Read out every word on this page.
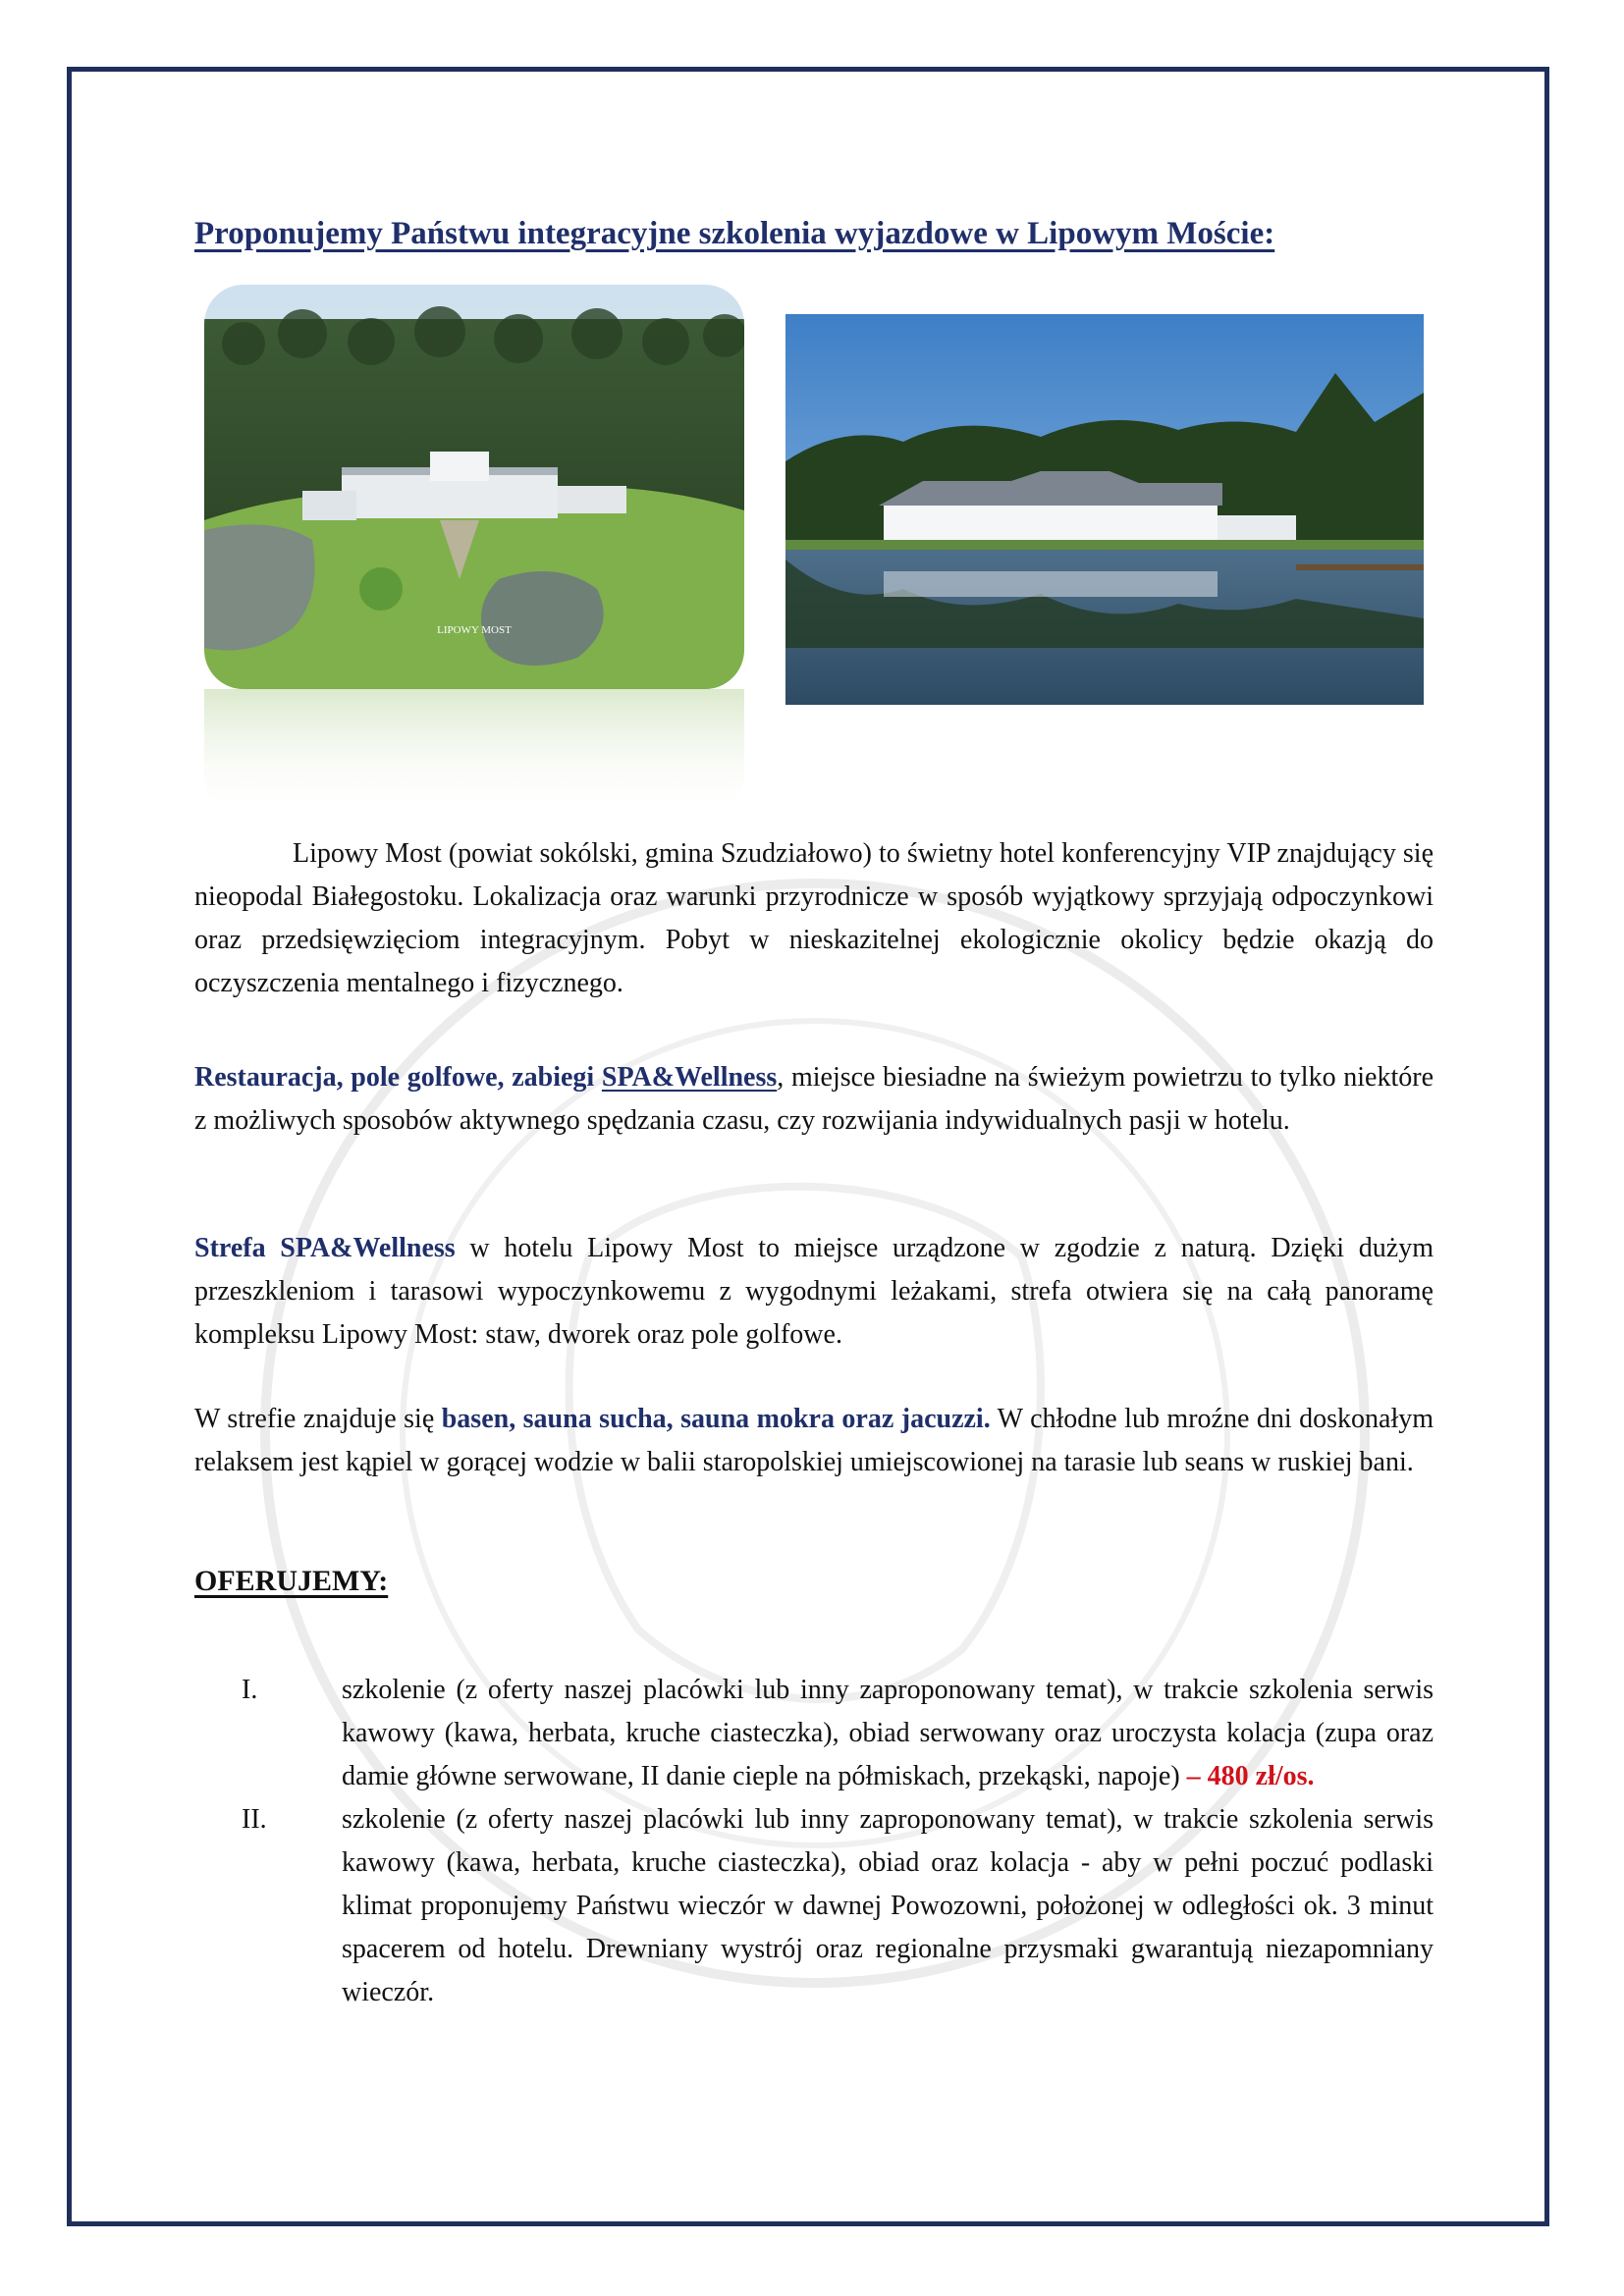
Proponujemy Państwu integracyjne szkolenia wyjazdowe w Lipowym Moście:
LIPOWY MOST
Lipowy Most (powiat sokólski, gmina Szudziałowo) to świetny hotel konferencyjny VIP znajdujący się nieopodal Białegostoku. Lokalizacja oraz warunki przyrodnicze w sposób wyjątkowy sprzyjają odpoczynkowi oraz przedsięwzięciom integracyjnym. Pobyt w nieskazitelnej ekologicznie okolicy będzie okazją do oczyszczenia mentalnego i fizycznego.
Restauracja, pole golfowe, zabiegi SPA&Wellness, miejsce biesiadne na świeżym powietrzu to tylko niektóre z możliwych sposobów aktywnego spędzania czasu, czy rozwijania indywidualnych pasji w hotelu.
Strefa SPA&Wellness w hotelu Lipowy Most to miejsce urządzone w zgodzie z naturą. Dzięki dużym przeszkleniom i tarasowi wypoczynkowemu z wygodnymi leżakami, strefa otwiera się na całą panoramę kompleksu Lipowy Most: staw, dworek oraz pole golfowe.
W strefie znajduje się basen, sauna sucha, sauna mokra oraz jacuzzi. W chłodne lub mroźne dni doskonałym relaksem jest kąpiel w gorącej wodzie w balii staropolskiej umiejscowionej na tarasie lub seans w ruskiej bani.
OFERUJEMY:
I.	szkolenie (z oferty naszej placówki lub inny zaproponowany temat), w trakcie szkolenia serwis kawowy (kawa, herbata, kruche ciasteczka), obiad serwowany oraz uroczysta kolacja (zupa oraz damie główne serwowane, II danie cieple na półmiskach, przekąski, napoje) – 480 zł/os.
II.	szkolenie (z oferty naszej placówki lub inny zaproponowany temat), w trakcie szkolenia serwis kawowy (kawa, herbata, kruche ciasteczka), obiad oraz kolacja - aby w pełni poczuć podlaski klimat proponujemy Państwu wieczór w dawnej Powozowni, położonej w odległości ok. 3 minut spacerem od hotelu. Drewniany wystrój oraz regionalne przysmaki gwarantują niezapomniany wieczór.
